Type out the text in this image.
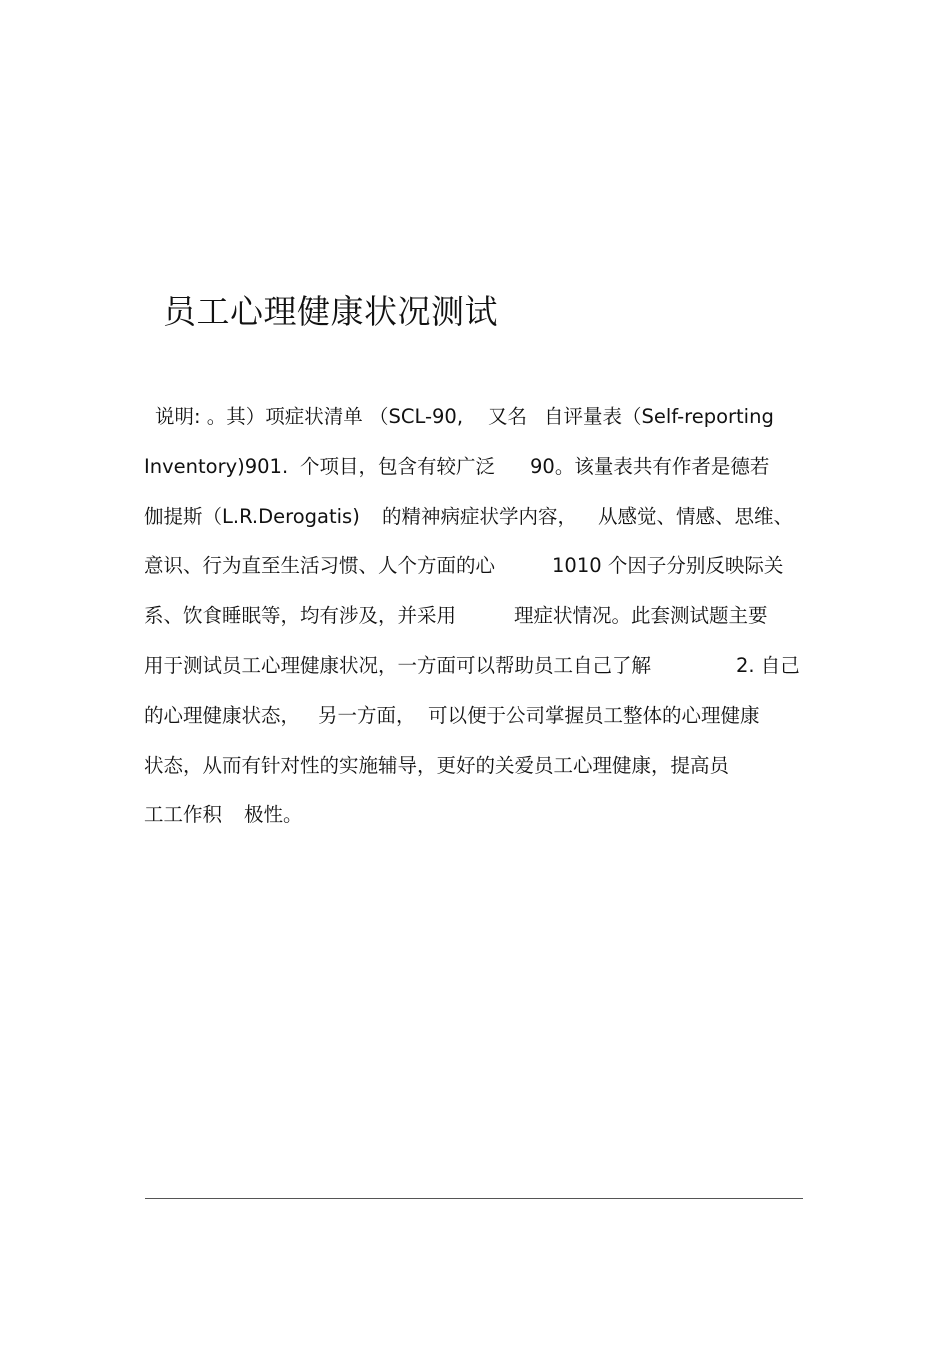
员工心理健康状况测试
说明: 。其）项症状清单 （SCL-90, 又名 自评量表（Self-reporting
Inventory)901. 个项目，包含有较广泛 90。该量表共有作者是德若
伽提斯（L.R.Derogatis) 的精神病症状学内容， 从感觉、情感、思维、
意识、行为直至生活习惯、人个方面的心	1010 个因子分别反映际关
系、饮食睡眠等，均有涉及，并采用	理症状情况。此套测试题主要
用于测试员工心理健康状况，一方面可以帮助员工自己了解	2. 自己
的心理健康状态， 另一方面， 可以便于公司掌握员工整体的心理健康
状态，从而有针对性的实施辅导，更好的关爱员工心理健康，提高员
工工作积 极性。
